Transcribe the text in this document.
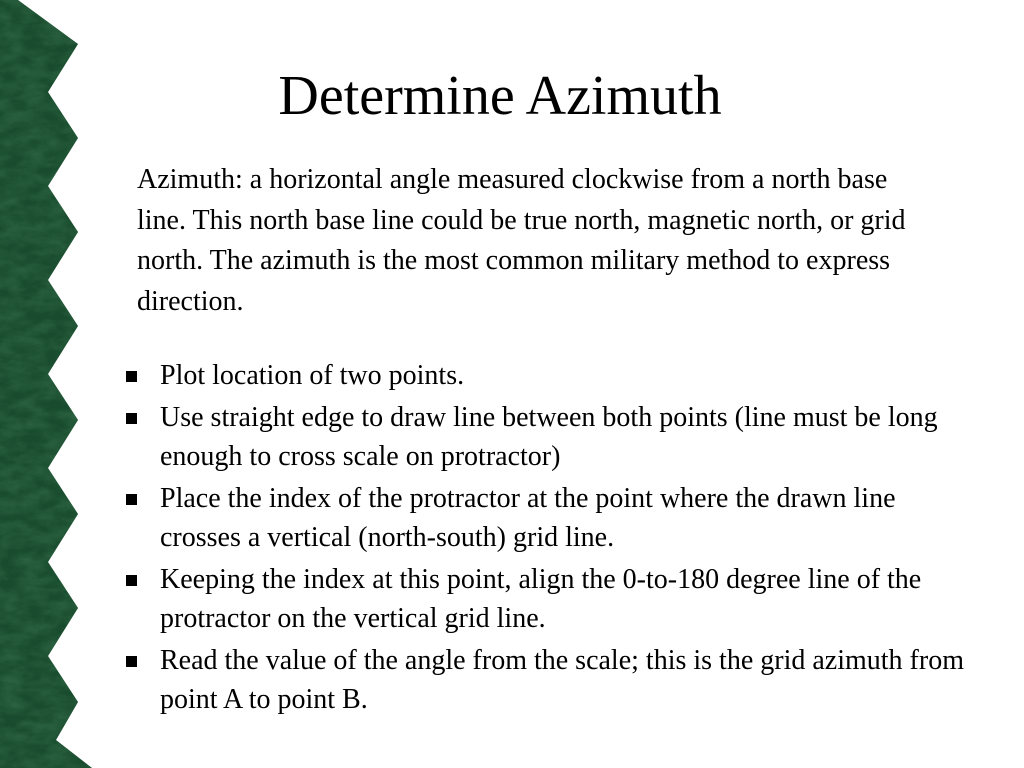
Determine Azimuth

Azimuth: a horizontal angle measured clockwise from a north base line. This north base line could be true north, magnetic north, or grid north. The azimuth is the most common military method to express direction.

Plot location of two points.
Use straight edge to draw line between both points (line must be long enough to cross scale on protractor)
Place the index of the protractor at the point where the drawn line crosses a vertical (north-south) grid line.
Keeping the index at this point, align the 0-to-180 degree line of the protractor on the vertical grid line.
Read the value of the angle from the scale; this is the grid azimuth from point A to point B.
